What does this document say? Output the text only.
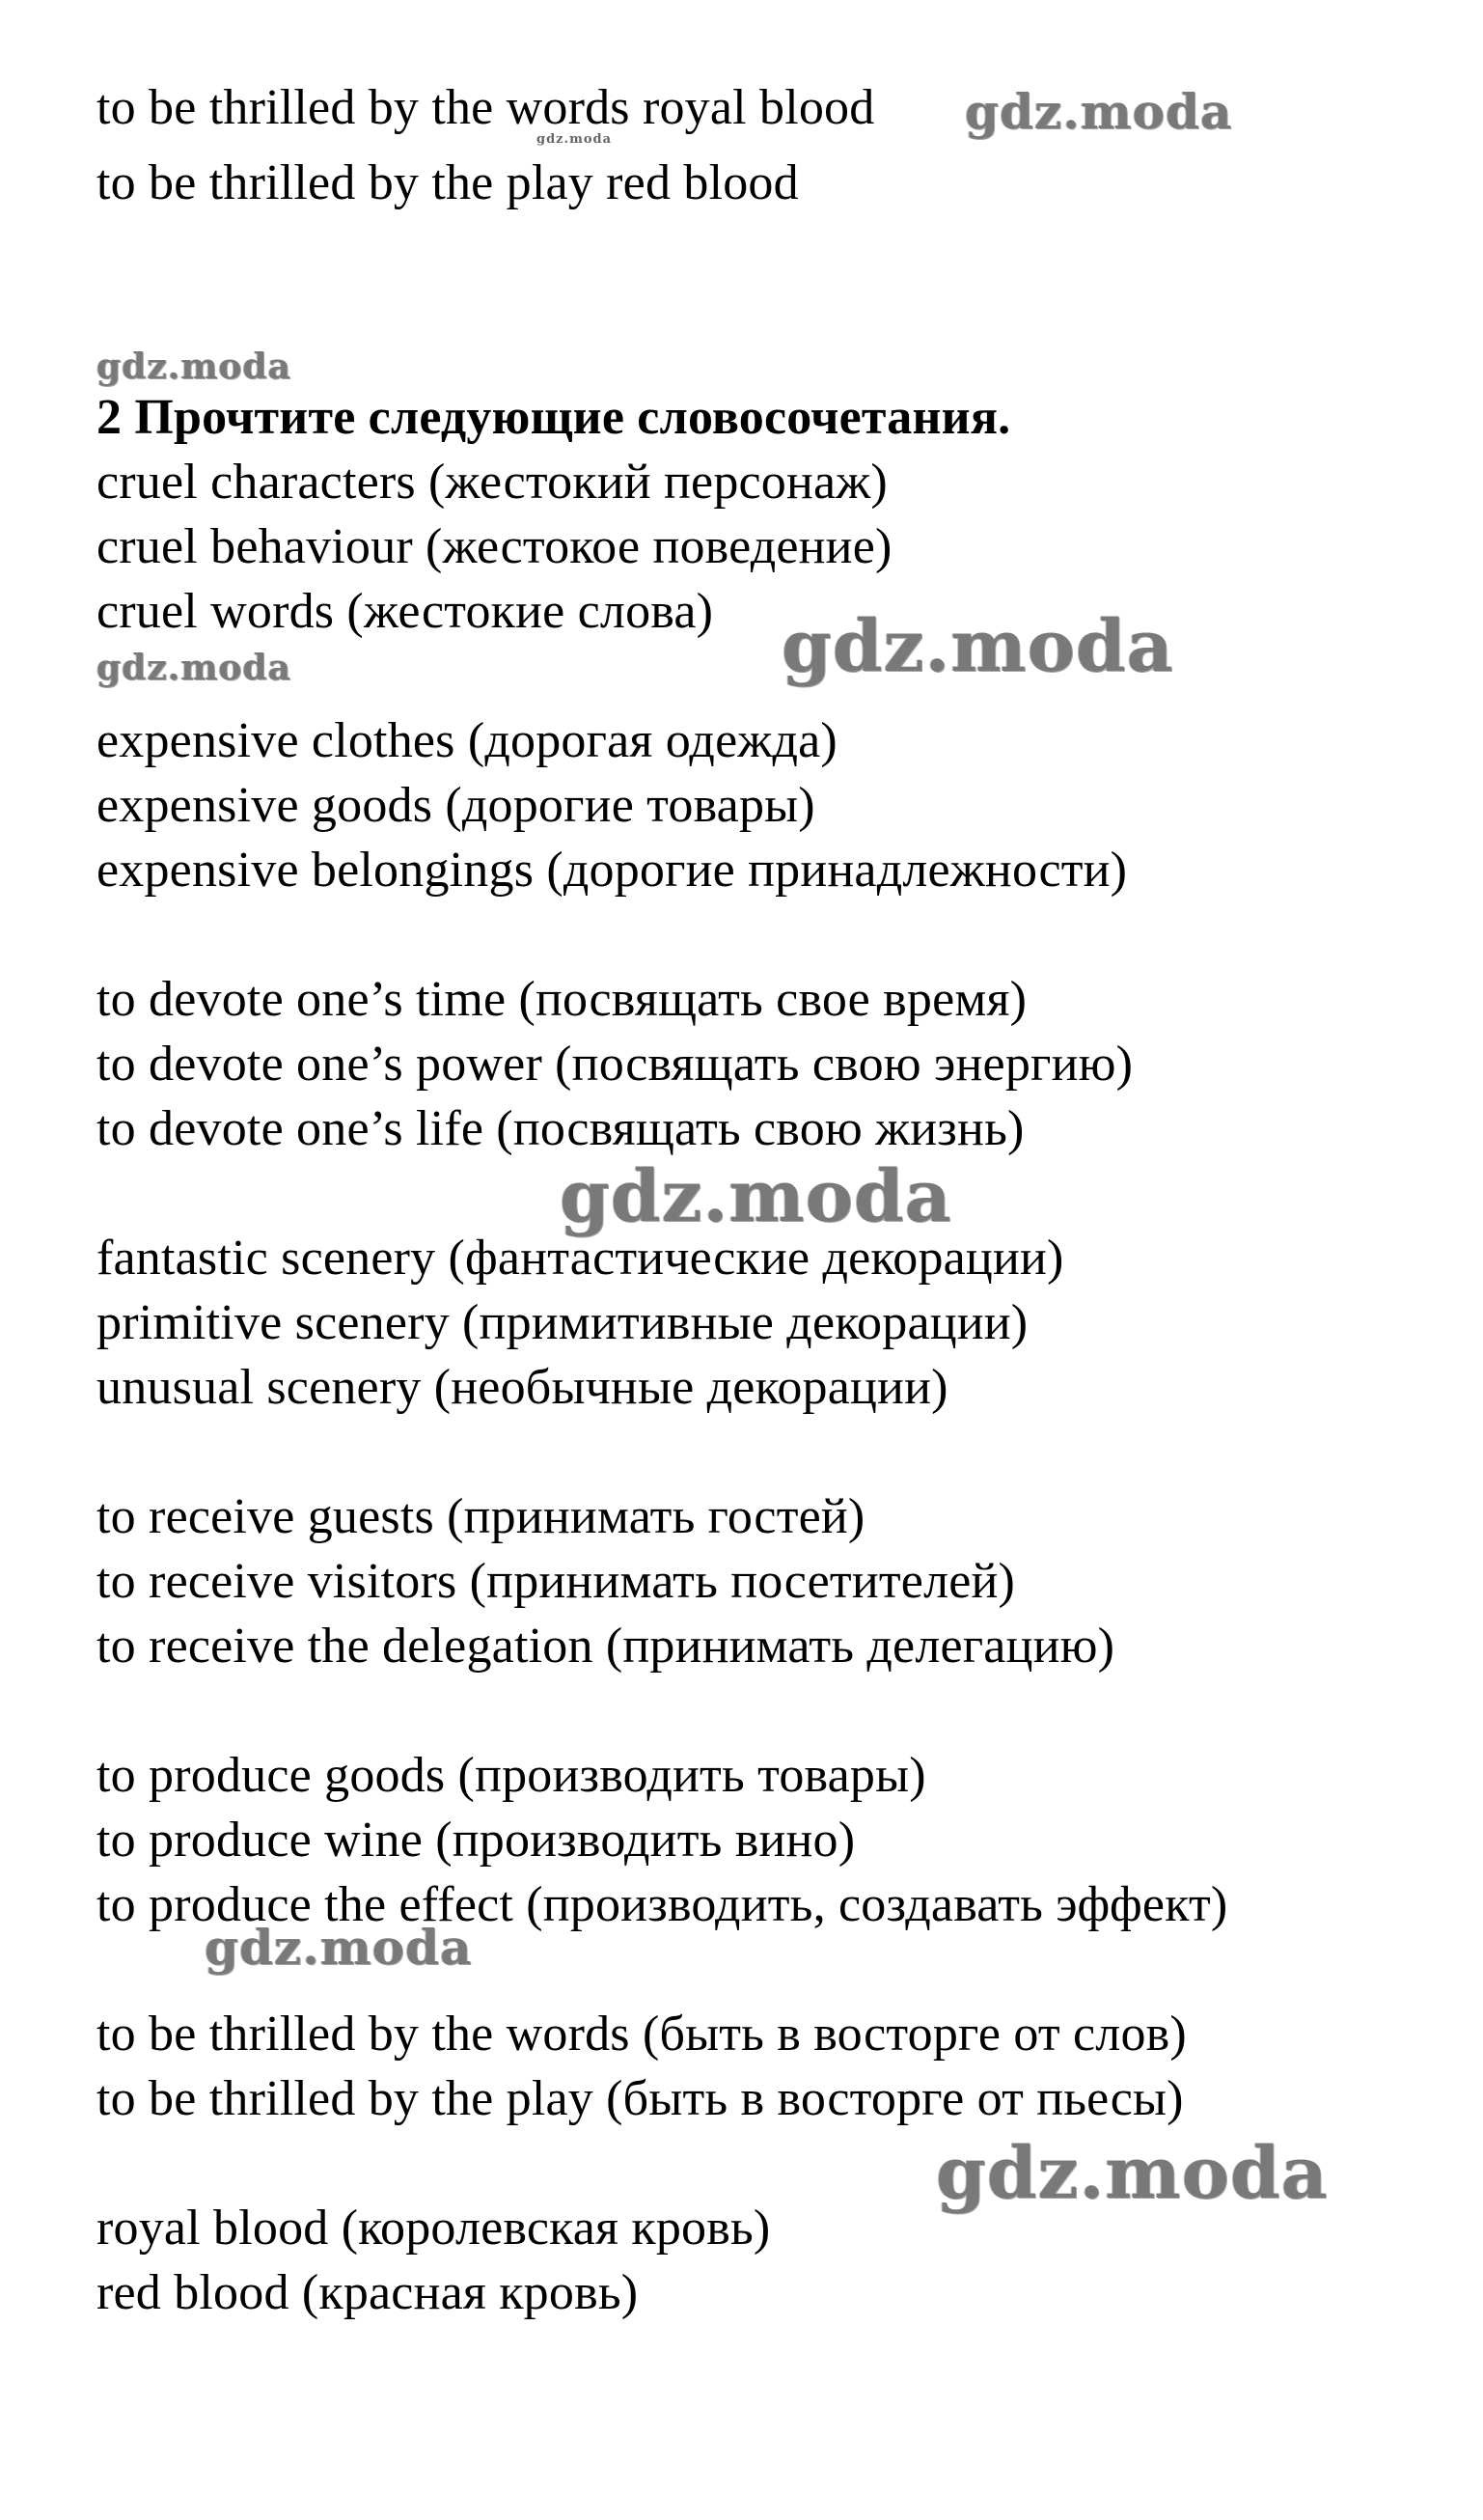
to be thrilled by the words royal blood
to be thrilled by the play red blood
2 Прочтите следующие словосочетания.
cruel characters (жестокий персонаж)
cruel behaviour (жестокое поведение)
cruel words (жестокие слова)
expensive clothes (дорогая одежда)
expensive goods (дорогие товары)
expensive belongings (дорогие принадлежности)
to devote one’s time (посвящать свое время)
to devote one’s power (посвящать свою энергию)
to devote one’s life (посвящать свою жизнь)
fantastic scenery (фантастические декорации)
primitive scenery (примитивные декорации)
unusual scenery (необычные декорации)
to receive guests (принимать гостей)
to receive visitors (принимать посетителей)
to receive the delegation (принимать делегацию)
to produce goods (производить товары)
to produce wine (производить вино)
to produce the effect (производить, создавать эффект)
to be thrilled by the words (быть в восторге от слов)
to be thrilled by the play (быть в восторге от пьесы)
royal blood (королевская кровь)
red blood (красная кровь)
gdz.moda
gdz.moda
gdz.moda
gdz.moda
gdz.moda
gdz.moda
gdz.moda
gdz.moda
